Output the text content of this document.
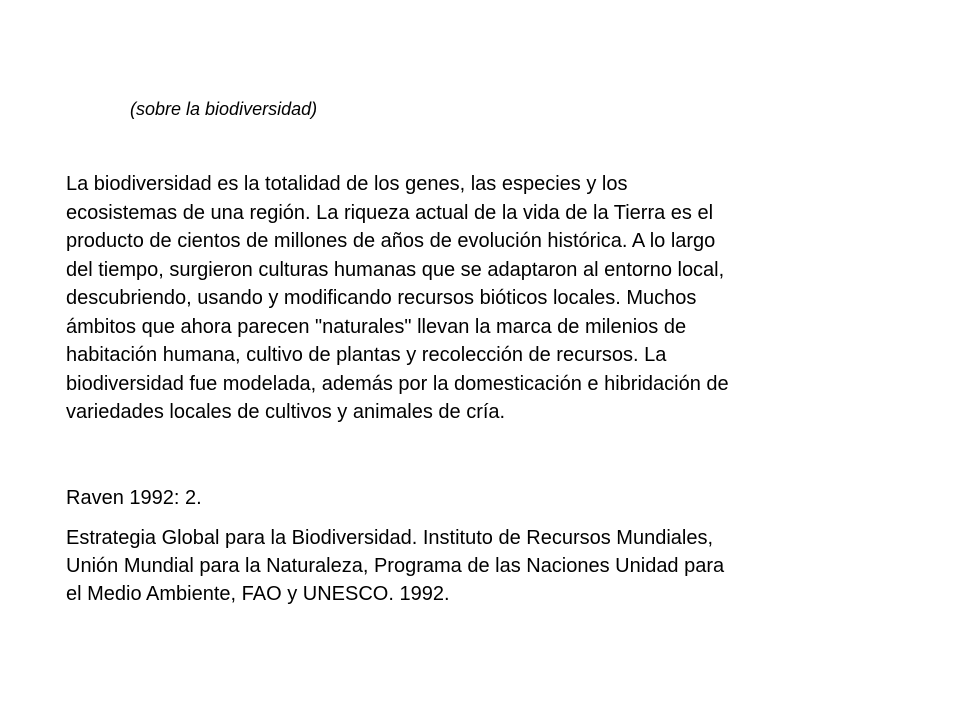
(sobre la biodiversidad)
La biodiversidad es la totalidad de los genes, las especies y los
ecosistemas de una región. La riqueza actual de la vida de la Tierra es el
producto de cientos de millones de años de evolución histórica. A lo largo
del tiempo, surgieron culturas humanas que se adaptaron al entorno local,
descubriendo, usando y modificando recursos bióticos locales. Muchos
ámbitos que ahora parecen "naturales" llevan la marca de milenios de
habitación humana, cultivo de plantas y recolección de recursos. La
biodiversidad fue modelada, además por la domesticación e hibridación de
variedades locales de cultivos y animales de cría.
Raven 1992: 2.
Estrategia Global para la Biodiversidad. Instituto de Recursos Mundiales,
Unión Mundial para la Naturaleza, Programa de las Naciones Unidad para
el Medio Ambiente, FAO y UNESCO. 1992.
